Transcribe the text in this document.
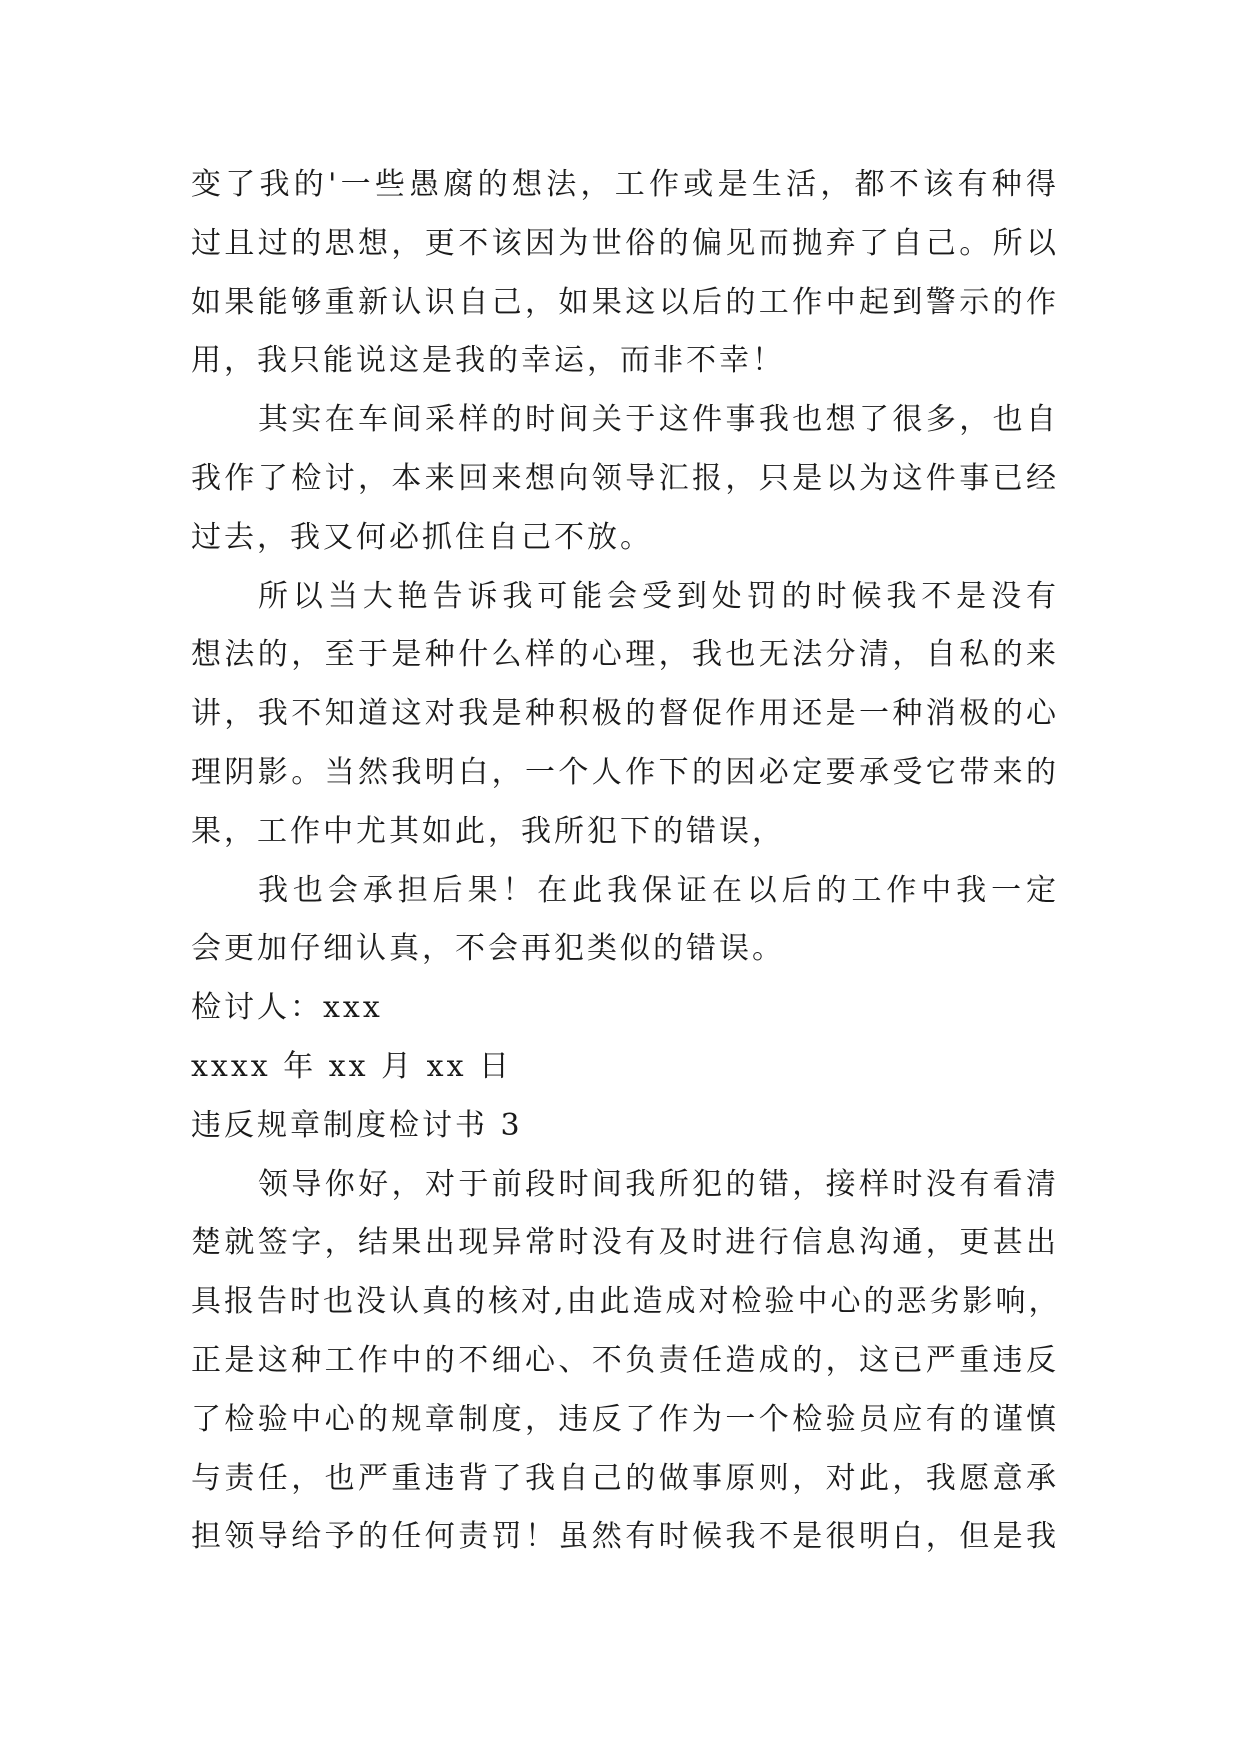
变了我的'一些愚腐的想法，工作或是生活，都不该有种得
过且过的思想，更不该因为世俗的偏见而抛弃了自己。所以
如果能够重新认识自己，如果这以后的工作中起到警示的作
用，我只能说这是我的幸运，而非不幸！
其实在车间采样的时间关于这件事我也想了很多，也自
我作了检讨，本来回来想向领导汇报，只是以为这件事已经
过去，我又何必抓住自己不放。
所以当大艳告诉我可能会受到处罚的时候我不是没有
想法的，至于是种什么样的心理，我也无法分清，自私的来
讲，我不知道这对我是种积极的督促作用还是一种消极的心
理阴影。当然我明白，一个人作下的因必定要承受它带来的
果，工作中尤其如此，我所犯下的错误，
我也会承担后果！在此我保证在以后的工作中我一定
会更加仔细认真，不会再犯类似的错误。
检讨人：xxx
xxxx 年 xx 月 xx 日
违反规章制度检讨书 3
领导你好，对于前段时间我所犯的错，接样时没有看清
楚就签字，结果出现异常时没有及时进行信息沟通，更甚出
具报告时也没认真的核对,由此造成对检验中心的恶劣影响，
正是这种工作中的不细心、不负责任造成的，这已严重违反
了检验中心的规章制度，违反了作为一个检验员应有的谨慎
与责任，也严重违背了我自己的做事原则，对此，我愿意承
担领导给予的任何责罚！虽然有时候我不是很明白，但是我
